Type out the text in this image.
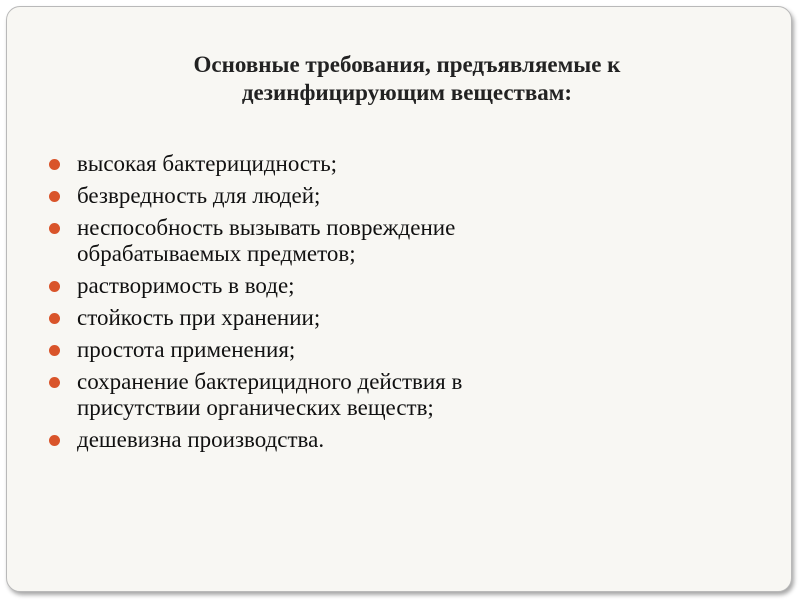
Основные требования, предъявляемые к
дезинфицирующим веществам:
высокая бактерицидность;
безвредность для людей;
неспособность вызывать повреждение
обрабатываемых предметов;
растворимость в воде;
стойкость при хранении;
простота применения;
сохранение бактерицидного действия в
присутствии органических веществ;
дешевизна производства.
